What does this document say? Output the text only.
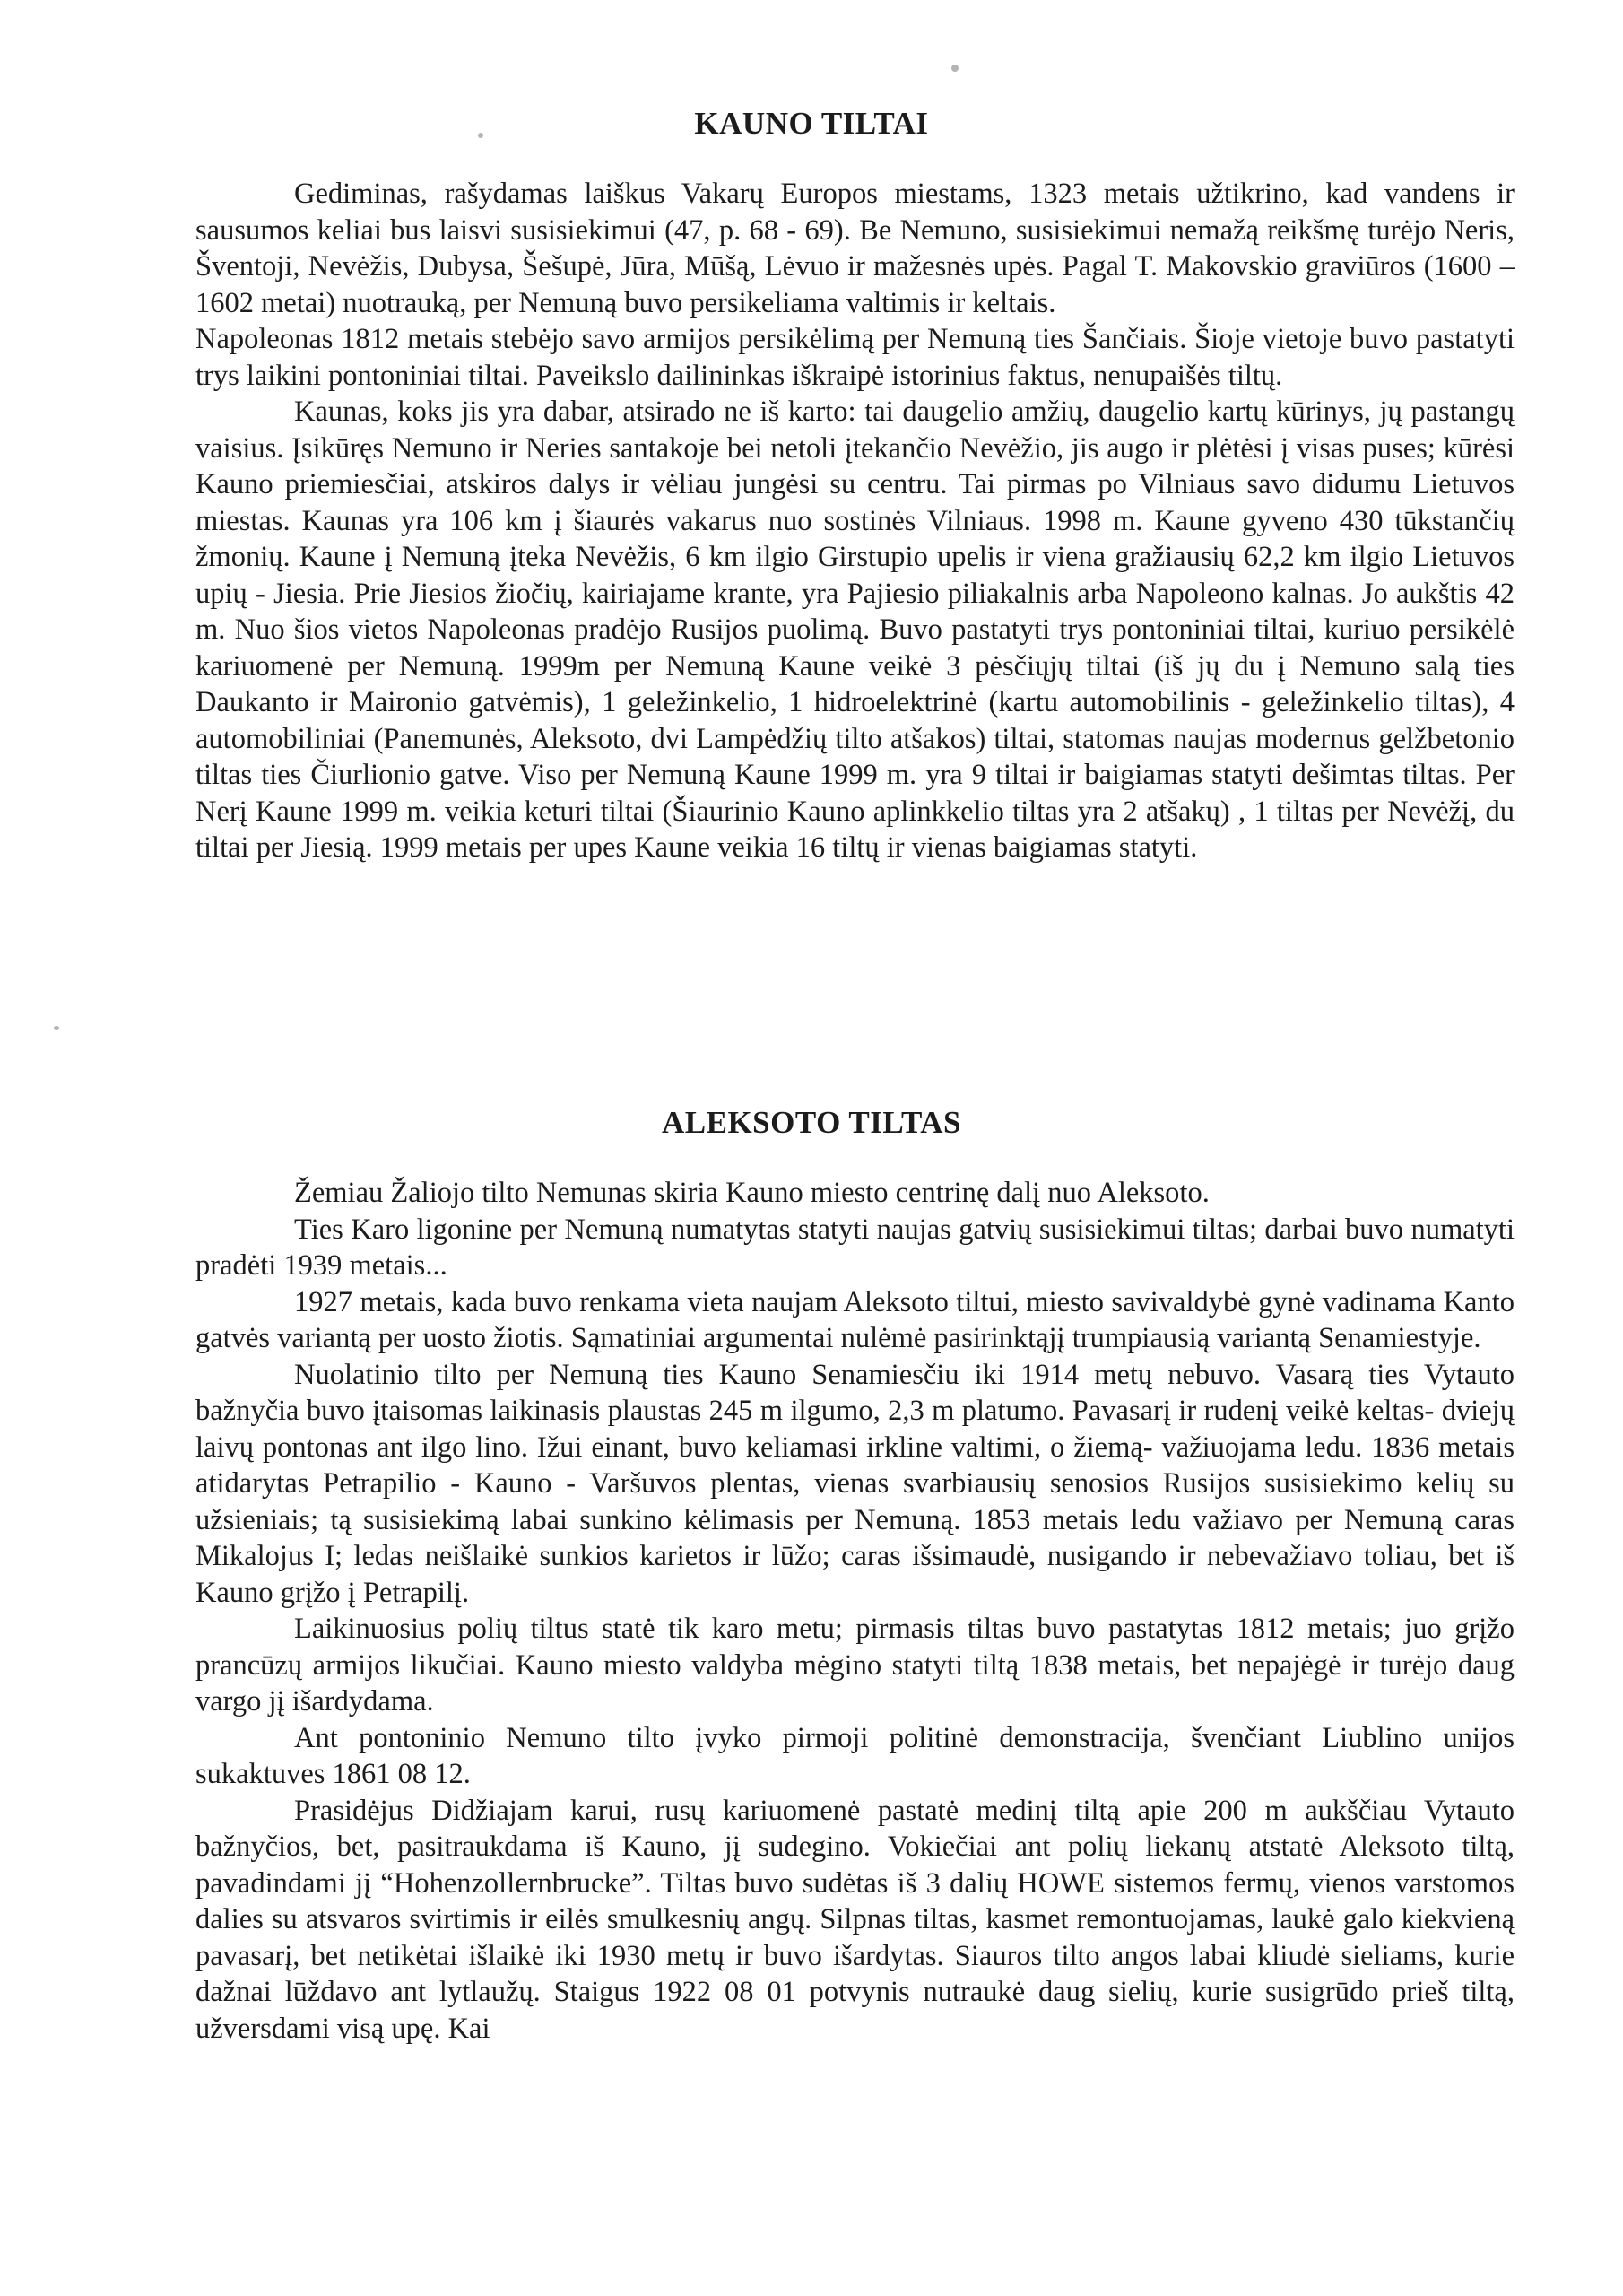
KAUNO TILTAI

Gediminas, rašydamas laiškus Vakarų Europos miestams, 1323 metais užtikrino, kad vandens ir sausumos keliai bus laisvi susisiekimui (47, p. 68 - 69). Be Nemuno, susisiekimui nemažą reikšmę turėjo Neris, Šventoji, Nevėžis, Dubysa, Šešupė, Jūra, Mūšą, Lėvuo ir mažesnės upės. Pagal T. Makovskio graviūros (1600 – 1602 metai) nuotrauką, per Nemuną buvo persikeliama valtimis ir keltais.

Napoleonas 1812 metais stebėjo savo armijos persikėlimą per Nemuną ties Šančiais. Šioje vietoje buvo pastatyti trys laikini pontoniniai tiltai. Paveikslo dailininkas iškraipė istorinius faktus, nenupaišės tiltų.

Kaunas, koks jis yra dabar, atsirado ne iš karto: tai daugelio amžių, daugelio kartų kūrinys, jų pastangų vaisius. Įsikūręs Nemuno ir Neries santakoje bei netoli įtekančio Nevėžio, jis augo ir plėtėsi į visas puses; kūrėsi Kauno priemiesčiai, atskiros dalys ir vėliau jungėsi su centru. Tai pirmas po Vilniaus savo didumu Lietuvos miestas. Kaunas yra 106 km į šiaurės vakarus nuo sostinės Vilniaus. 1998 m. Kaune gyveno 430 tūkstančių žmonių. Kaune į Nemuną įteka Nevėžis, 6 km ilgio Girstupio upelis ir viena gražiausių 62,2 km ilgio Lietuvos upių - Jiesia. Prie Jiesios žiočių, kairiajame krante, yra Pajiesio piliakalnis arba Napoleono kalnas. Jo aukštis 42 m. Nuo šios vietos Napoleonas pradėjo Rusijos puolimą. Buvo pastatyti trys pontoniniai tiltai, kuriuo persikėlė kariuomenė per Nemuną. 1999m per Nemuną Kaune veikė 3 pėsčiųjų tiltai (iš jų du į Nemuno salą ties Daukanto ir Maironio gatvėmis), 1 geležinkelio, 1 hidroelektrinė (kartu automobilinis - geležinkelio tiltas), 4 automobiliniai (Panemunės, Aleksoto, dvi Lampėdžių tilto atšakos) tiltai, statomas naujas modernus gelžbetonio tiltas ties Čiurlionio gatve. Viso per Nemuną Kaune 1999 m. yra 9 tiltai ir baigiamas statyti dešimtas tiltas. Per Nerį Kaune 1999 m. veikia keturi tiltai (Šiaurinio Kauno aplinkkelio tiltas yra 2 atšakų) , 1 tiltas per Nevėžį, du tiltai per Jiesią. 1999 metais per upes Kaune veikia 16 tiltų ir vienas baigiamas statyti.

ALEKSOTO TILTAS

Žemiau Žaliojo tilto Nemunas skiria Kauno miesto centrinę dalį nuo Aleksoto.

Ties Karo ligonine per Nemuną numatytas statyti naujas gatvių susisiekimui tiltas; darbai buvo numatyti pradėti 1939 metais...

1927 metais, kada buvo renkama vieta naujam Aleksoto tiltui, miesto savivaldybė gynė vadinama Kanto gatvės variantą per uosto žiotis. Sąmatiniai argumentai nulėmė pasirinktąjį trumpiausią variantą Senamiestyje.

Nuolatinio tilto per Nemuną ties Kauno Senamiesčiu iki 1914 metų nebuvo. Vasarą ties Vytauto bažnyčia buvo įtaisomas laikinasis plaustas 245 m ilgumo, 2,3 m platumo. Pavasarį ir rudenį veikė keltas- dviejų laivų pontonas ant ilgo lino. Ižui einant, buvo keliamasi irkline valtimi, o žiemą- važiuojama ledu. 1836 metais atidarytas Petrapilio - Kauno - Varšuvos plentas, vienas svarbiausių senosios Rusijos susisiekimo kelių su užsieniais; tą susisiekimą labai sunkino kėlimasis per Nemuną. 1853 metais ledu važiavo per Nemuną caras Mikalojus I; ledas neišlaikė sunkios karietos ir lūžo; caras išsimaudė, nusigando ir nebevažiavo toliau, bet iš Kauno grįžo į Petrapilį.

Laikinuosius polių tiltus statė tik karo metu; pirmasis tiltas buvo pastatytas 1812 metais; juo grįžo prancūzų armijos likučiai. Kauno miesto valdyba mėgino statyti tiltą 1838 metais, bet nepajėgė ir turėjo daug vargo jį išardydama.

Ant pontoninio Nemuno tilto įvyko pirmoji politinė demonstracija, švenčiant Liublino unijos sukaktuves 1861 08 12.

Prasidėjus Didžiajam karui, rusų kariuomenė pastatė medinį tiltą apie 200 m aukščiau Vytauto bažnyčios, bet, pasitraukdama iš Kauno, jį sudegino. Vokiečiai ant polių liekanų atstatė Aleksoto tiltą, pavadindami jį “Hohenzollernbrucke”. Tiltas buvo sudėtas iš 3 dalių HOWE sistemos fermų, vienos varstomos dalies su atsvaros svirtimis ir eilės smulkesnių angų. Silpnas tiltas, kasmet remontuojamas, laukė galo kiekvieną pavasarį, bet netikėtai išlaikė iki 1930 metų ir buvo išardytas. Siauros tilto angos labai kliudė sieliams, kurie dažnai lūždavo ant lytlaužų. Staigus 1922 08 01 potvynis nutraukė daug sielių, kurie susigrūdo prieš tiltą, užversdami visą upę. Kai
